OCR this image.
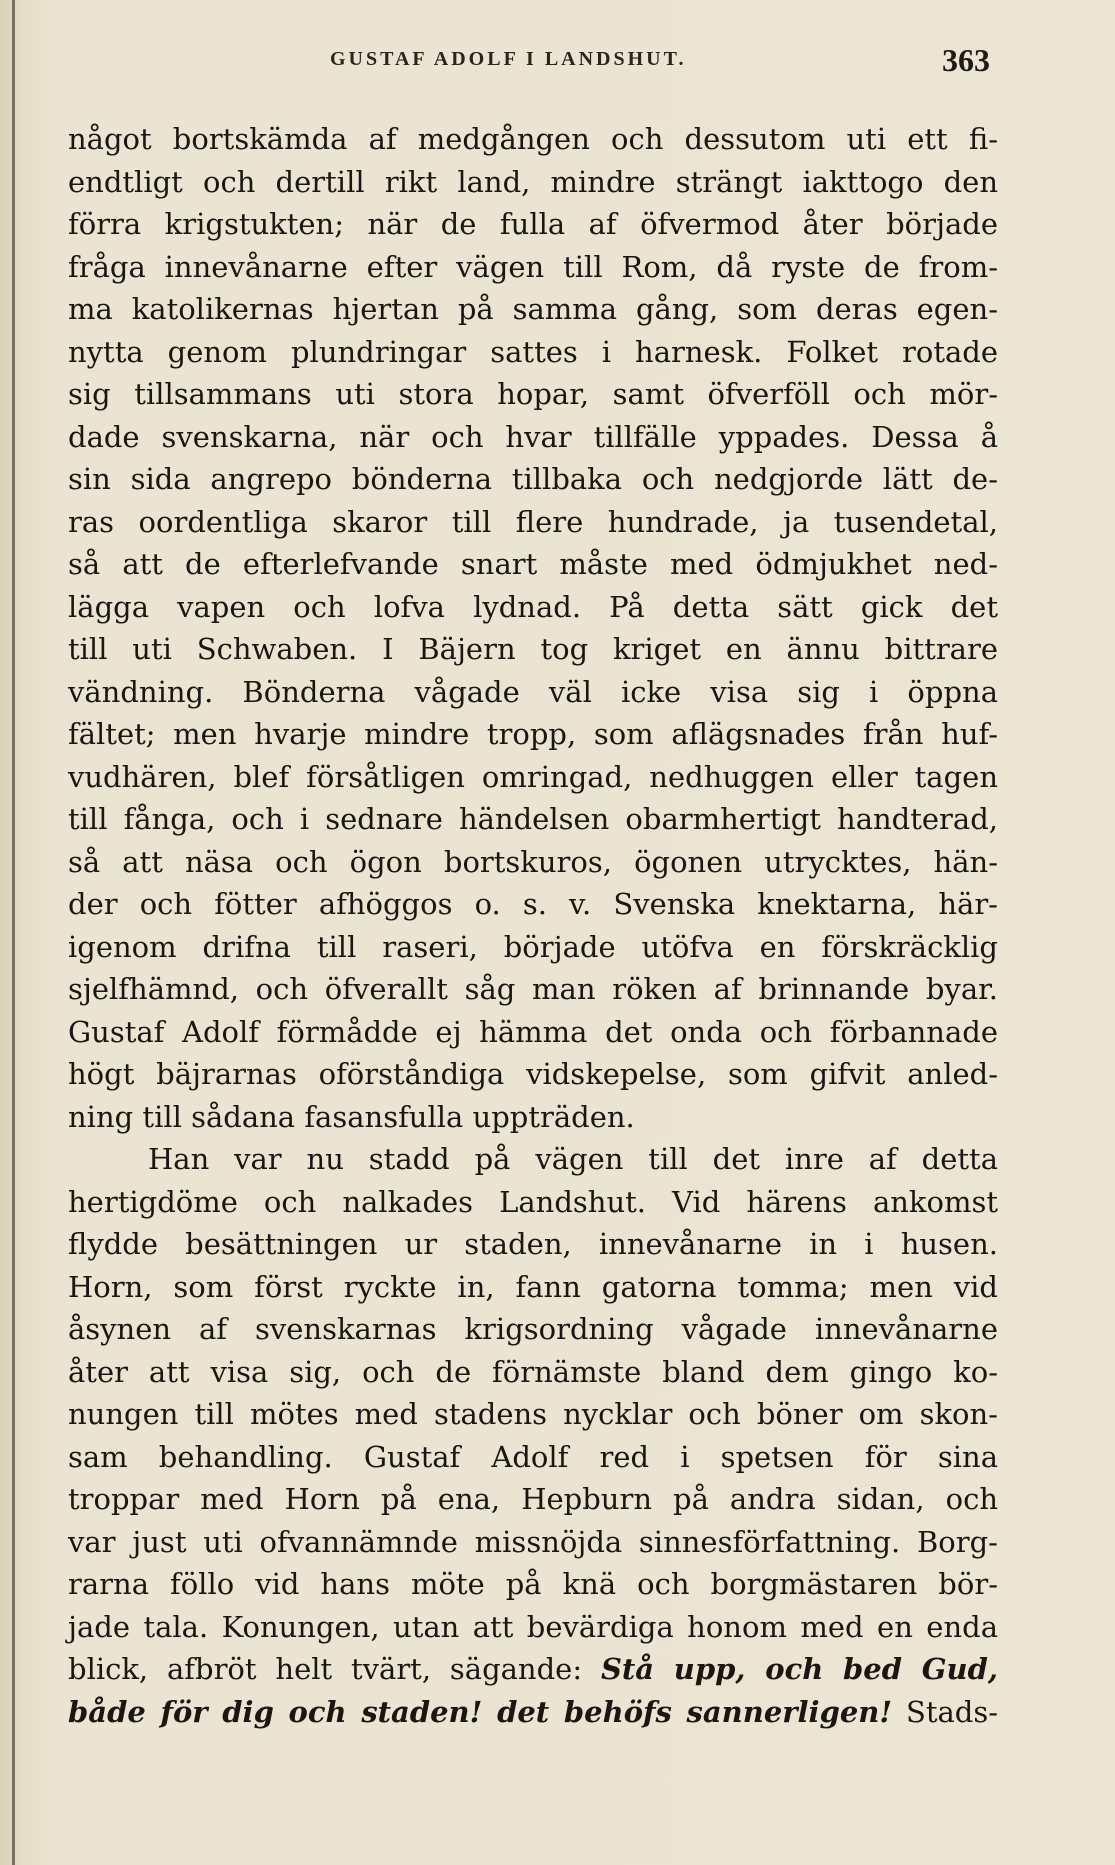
GUSTAF ADOLF I LANDSHUT.	363
något bortskämda af medgången och dessutom uti ett fi-
endtligt och dertill rikt land, mindre strängt iakttogo den
förra krigstukten; när de fulla af öfvermod åter började
fråga innevånarne efter vägen till Rom, då ryste de from-
ma katolikernas hjertan på samma gång, som deras egen-
nytta genom plundringar sattes i harnesk. Folket rotade
sig tillsammans uti stora hopar, samt öfverföll och mör-
dade svenskarna, när och hvar tillfälle yppades. Dessa å
sin sida angrepo bönderna tillbaka och nedgjorde lätt de-
ras oordentliga skaror till flere hundrade, ja tusendetal,
så att de efterlefvande snart måste med ödmjukhet ned-
lägga vapen och lofva lydnad. På detta sätt gick det
till uti Schwaben. I Bäjern tog kriget en ännu bittrare
vändning. Bönderna vågade väl icke visa sig i öppna
fältet; men hvarje mindre tropp, som aflägsnades från huf-
vudhären, blef försåtligen omringad, nedhuggen eller tagen
till fånga, och i sednare händelsen obarmhertigt handterad,
så att näsa och ögon bortskuros, ögonen utrycktes, hän-
der och fötter afhöggos o. s. v. Svenska knektarna, här-
igenom drifna till raseri, började utöfva en förskräcklig
sjelfhämnd, och öfverallt såg man röken af brinnande byar.
Gustaf Adolf förmådde ej hämma det onda och förbannade
högt bäjrarnas oförståndiga vidskepelse, som gifvit anled-
ning till sådana fasansfulla uppträden.
Han var nu stadd på vägen till det inre af detta
hertigdöme och nalkades Landshut. Vid härens ankomst
flydde besättningen ur staden, innevånarne in i husen.
Horn, som först ryckte in, fann gatorna tomma; men vid
åsynen af svenskarnas krigsordning vågade innevånarne
åter att visa sig, och de förnämste bland dem gingo ko-
nungen till mötes med stadens nycklar och böner om skon-
sam behandling. Gustaf Adolf red i spetsen för sina
troppar med Horn på ena, Hepburn på andra sidan, och
var just uti ofvannämnde missnöjda sinnesförfattning. Borg-
rarna föllo vid hans möte på knä och borgmästaren bör-
jade tala. Konungen, utan att bevärdiga honom med en enda
blick, afbröt helt tvärt, sägande: Stå upp, och bed Gud,
både för dig och staden! det behöfs sannerligen! Stads-
